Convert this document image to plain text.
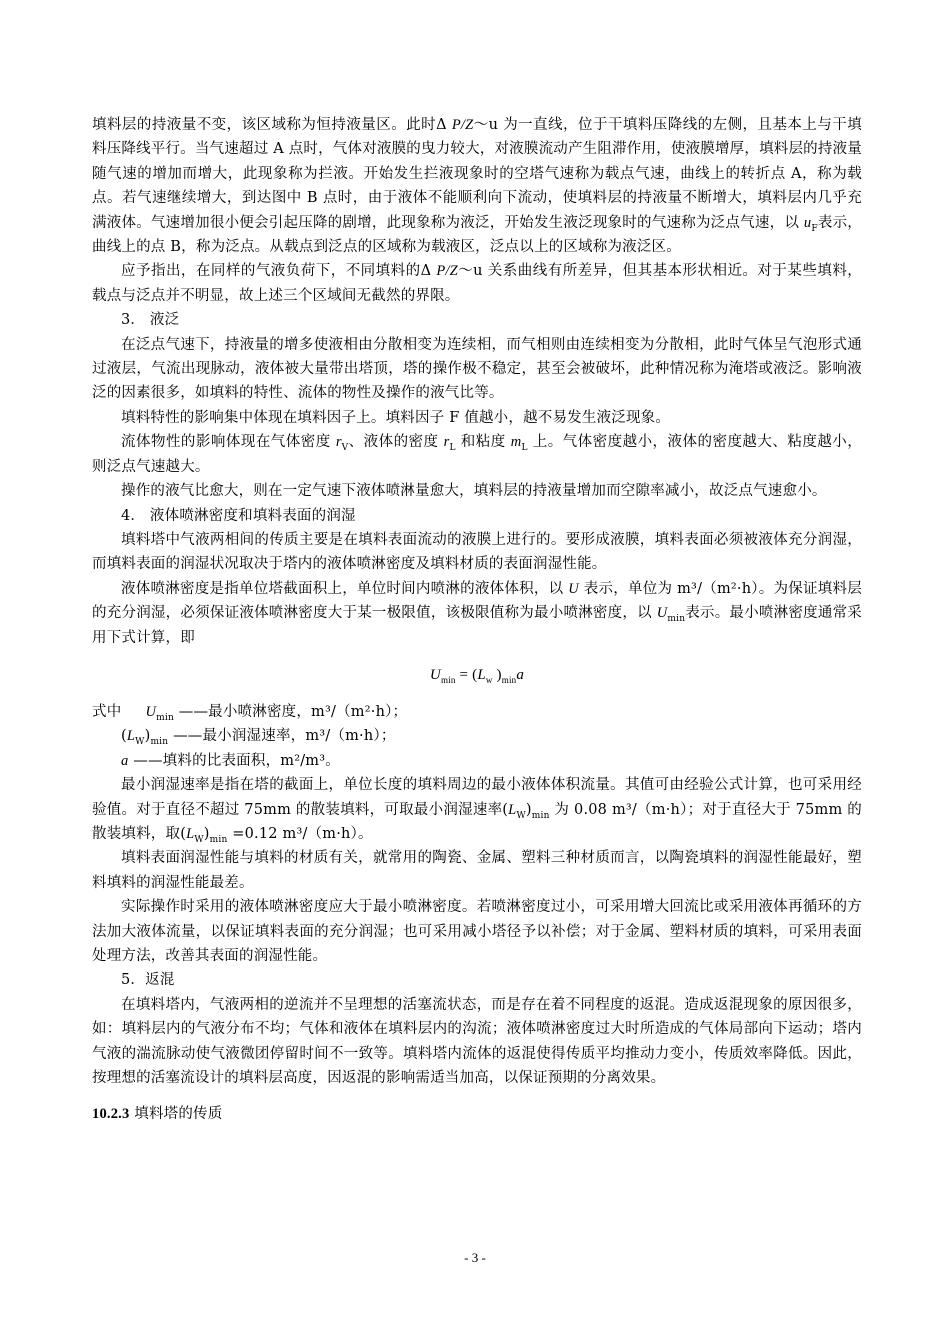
填料层的持液量不变，该区域称为恒持液量区。此时Δ P/Z～u 为一直线，位于干填料压降线的左侧，且基本上与干填料压降线平行。当气速超过 A 点时，气体对液膜的曳力较大，对液膜流动产生阻滞作用，使液膜增厚，填料层的持液量随气速的增加而增大，此现象称为拦液。开始发生拦液现象时的空塔气速称为载点气速，曲线上的转折点 A，称为载点。若气速继续增大，到达图中 B 点时，由于液体不能顺利向下流动，使填料层的持液量不断增大，填料层内几乎充满液体。气速增加很小便会引起压降的剧增，此现象称为液泛，开始发生液泛现象时的气速称为泛点气速，以 $u_F$表示，曲线上的点 B，称为泛点。从载点到泛点的区域称为载液区，泛点以上的区域称为液泛区。

应予指出，在同样的气液负荷下，不同填料的Δ P/Z～u 关系曲线有所差异，但其基本形状相近。对于某些填料，载点与泛点并不明显，故上述三个区域间无截然的界限。

3． 液泛

在泛点气速下，持液量的增多使液相由分散相变为连续相，而气相则由连续相变为分散相，此时气体呈气泡形式通过液层，气流出现脉动，液体被大量带出塔顶，塔的操作极不稳定，甚至会被破坏，此种情况称为淹塔或液泛。影响液泛的因素很多，如填料的特性、流体的物性及操作的液气比等。

填料特性的影响集中体现在填料因子上。填料因子 F 值越小，越不易发生液泛现象。

流体物性的影响体现在气体密度 $r_V$、液体的密度 $r_L$ 和粘度 $m_L$ 上。气体密度越小，液体的密度越大、粘度越小，则泛点气速越大。

操作的液气比愈大，则在一定气速下液体喷淋量愈大，填料层的持液量增加而空隙率减小，故泛点气速愈小。

4． 液体喷淋密度和填料表面的润湿

填料塔中气液两相间的传质主要是在填料表面流动的液膜上进行的。要形成液膜，填料表面必须被液体充分润湿，而填料表面的润湿状况取决于塔内的液体喷淋密度及填料材质的表面润湿性能。

液体喷淋密度是指单位塔截面积上，单位时间内喷淋的液体体积，以 U 表示，单位为 m³/（m²·h）。为保证填料层的充分润湿，必须保证液体喷淋密度大于某一极限值，该极限值称为最小喷淋密度，以 $U_{min}$表示。最小喷淋密度通常采用下式计算，即

$U_{min} = (L_w$ )$_{min}a$

式中 $U_{min}$ ——最小喷淋密度，m³/（m²·h）；

$(L_W)_{min}$ ——最小润湿速率，m³/（m·h）；

a ——填料的比表面积，m²/m³。

最小润湿速率是指在塔的截面上，单位长度的填料周边的最小液体体积流量。其值可由经验公式计算，也可采用经验值。对于直径不超过 75mm 的散装填料，可取最小润湿速率$(L_W)_{min}$ 为 0.08 m³/（m·h）；对于直径大于 75mm 的散装填料，取$(L_W)_{min} =0.12$ m³/（m·h）。

填料表面润湿性能与填料的材质有关，就常用的陶瓷、金属、塑料三种材质而言，以陶瓷填料的润湿性能最好，塑料填料的润湿性能最差。

实际操作时采用的液体喷淋密度应大于最小喷淋密度。若喷淋密度过小，可采用增大回流比或采用液体再循环的方法加大液体流量，以保证填料表面的充分润湿；也可采用减小塔径予以补偿；对于金属、塑料材质的填料，可采用表面处理方法，改善其表面的润湿性能。

5．返混

在填料塔内，气液两相的逆流并不呈理想的活塞流状态，而是存在着不同程度的返混。造成返混现象的原因很多，如：填料层内的气液分布不均；气体和液体在填料层内的沟流；液体喷淋密度过大时所造成的气体局部向下运动；塔内气液的湍流脉动使气液微团停留时间不一致等。填料塔内流体的返混使得传质平均推动力变小，传质效率降低。因此，按理想的活塞流设计的填料层高度，因返混的影响需适当加高，以保证预期的分离效果。

10.2.3 填料塔的传质

- 3 -
